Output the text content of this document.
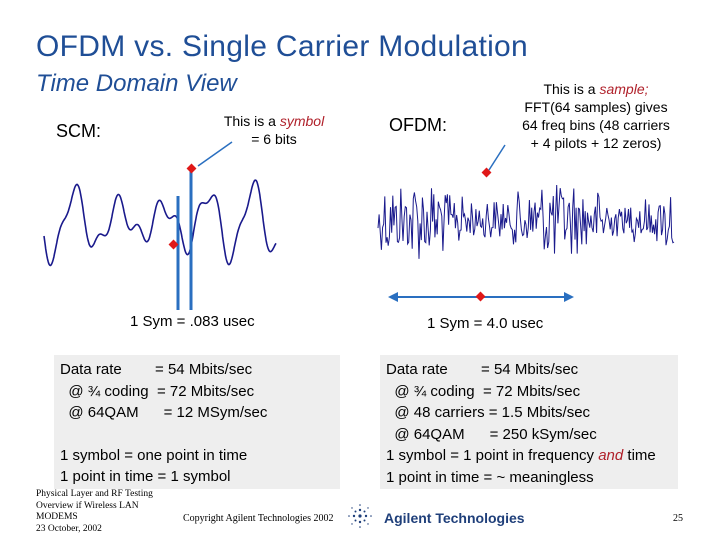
OFDM vs. Single Carrier Modulation
Time Domain View
SCM:	This is a symbol
= 6 bits
OFDM:
This is a sample;
FFT(64 samples) gives
64 freq bins (48 carriers
+ 4 pilots + 12 zeros)
1 Sym = .083 usec	1 Sym = 4.0 usec
Data rate        = 54 Mbits/sec
@ ¾ coding  = 72 Mbits/sec
@ 64QAM      = 12 MSym/sec
1 symbol = one point in time
1 point in time = 1 symbol
Data rate        = 54 Mbits/sec
@ ¾ coding  = 72 Mbits/sec
@ 48 carriers = 1.5 Mbits/sec
@ 64QAM      = 250 kSym/sec
1 symbol = 1 point in frequency and time
1 point in time = ~ meaningless
Physical Layer and RF Testing
Overview if Wireless LAN
MODEMS
23 October, 2002
Copyright Agilent Technologies 2002	Agilent Technologies	25
